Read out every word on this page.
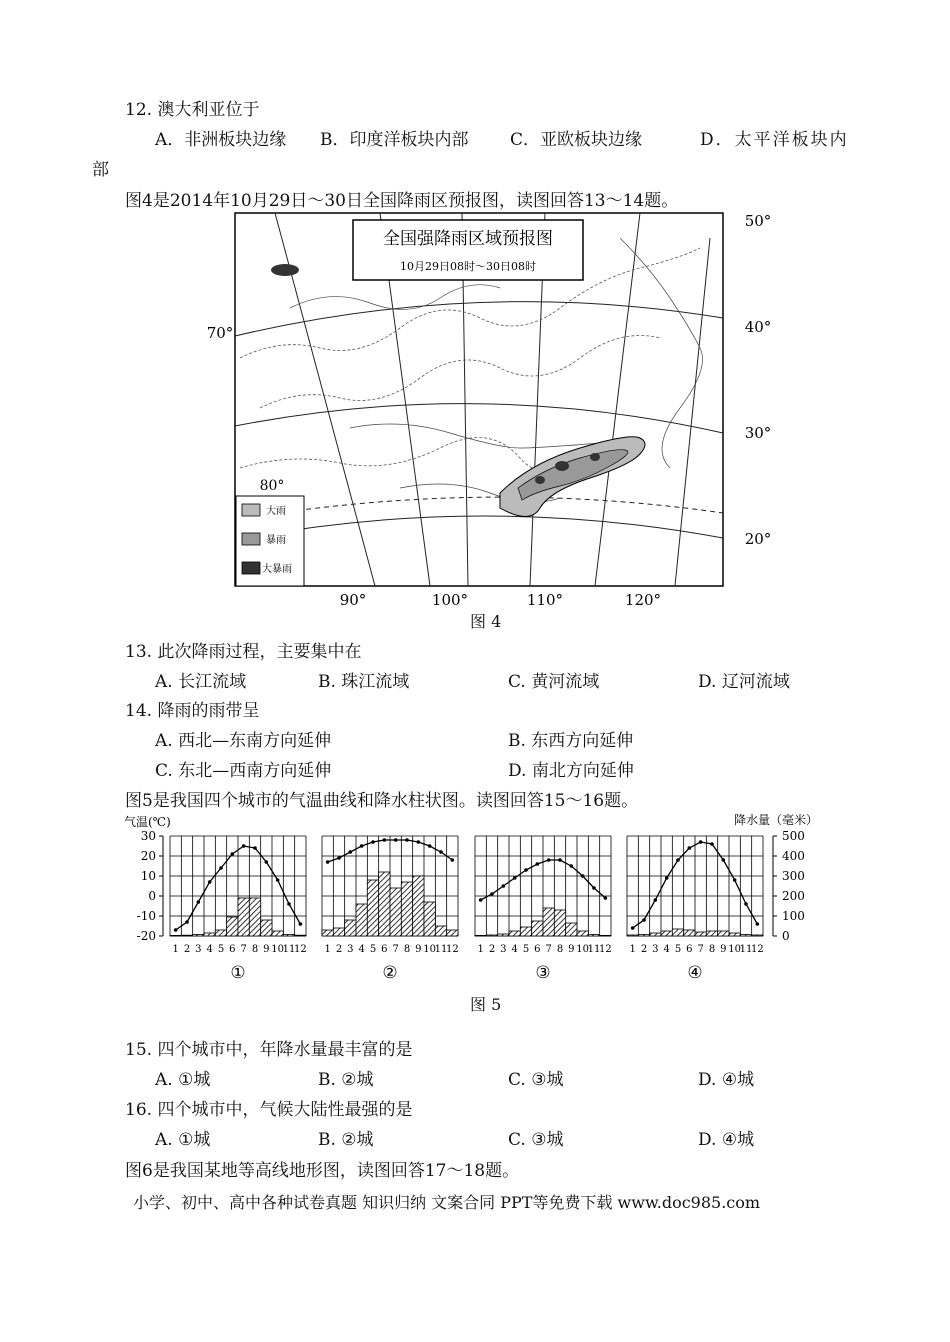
12. 澳大利亚位于
A．非洲板块边缘 B．印度洋板块内部 C．亚欧板块边缘	D．太平洋板块内
部
图4是2014年10月29日～30日全国降雨区预报图，读图回答13～14题。
全国强降雨区域预报图
10月29日08时～30日08时
大雨
暴雨
大暴雨
50°
40°
30°
20°
70°
80°
90°	100°	110°	120°
图 4
13. 此次降雨过程，主要集中在
A. 长江流域	B. 珠江流域	C. 黄河流域	D. 辽河流域
14. 降雨的雨带呈
A. 西北—东南方向延伸	B. 东西方向延伸
C. 东北—西南方向延伸	D. 南北方向延伸
图5是我国四个城市的气温曲线和降水柱状图。读图回答15～16题。
气温(℃)	降水量（毫米）
30
20
10
0
-10
-20
500
400
300
200
100
0
1 2 3 4 5 6 7 8 9 10
11
12
①
1 2 3 4 5 6 7 8 9 10
11
12
②
1 2 3 4 5 6 7 8 9 10
11
12
③
1 2 3 4 5 6 7 8 9 10
11
12
④
图 5
15. 四个城市中，年降水量最丰富的是
A. ①城	B. ②城	C. ③城	D. ④城
16. 四个城市中，气候大陆性最强的是
A. ①城	B. ②城	C. ③城	D. ④城
图6是我国某地等高线地形图，读图回答17～18题。
小学、初中、高中各种试卷真题 知识归纳 文案合同 PPT等免费下载 www.doc985.com
